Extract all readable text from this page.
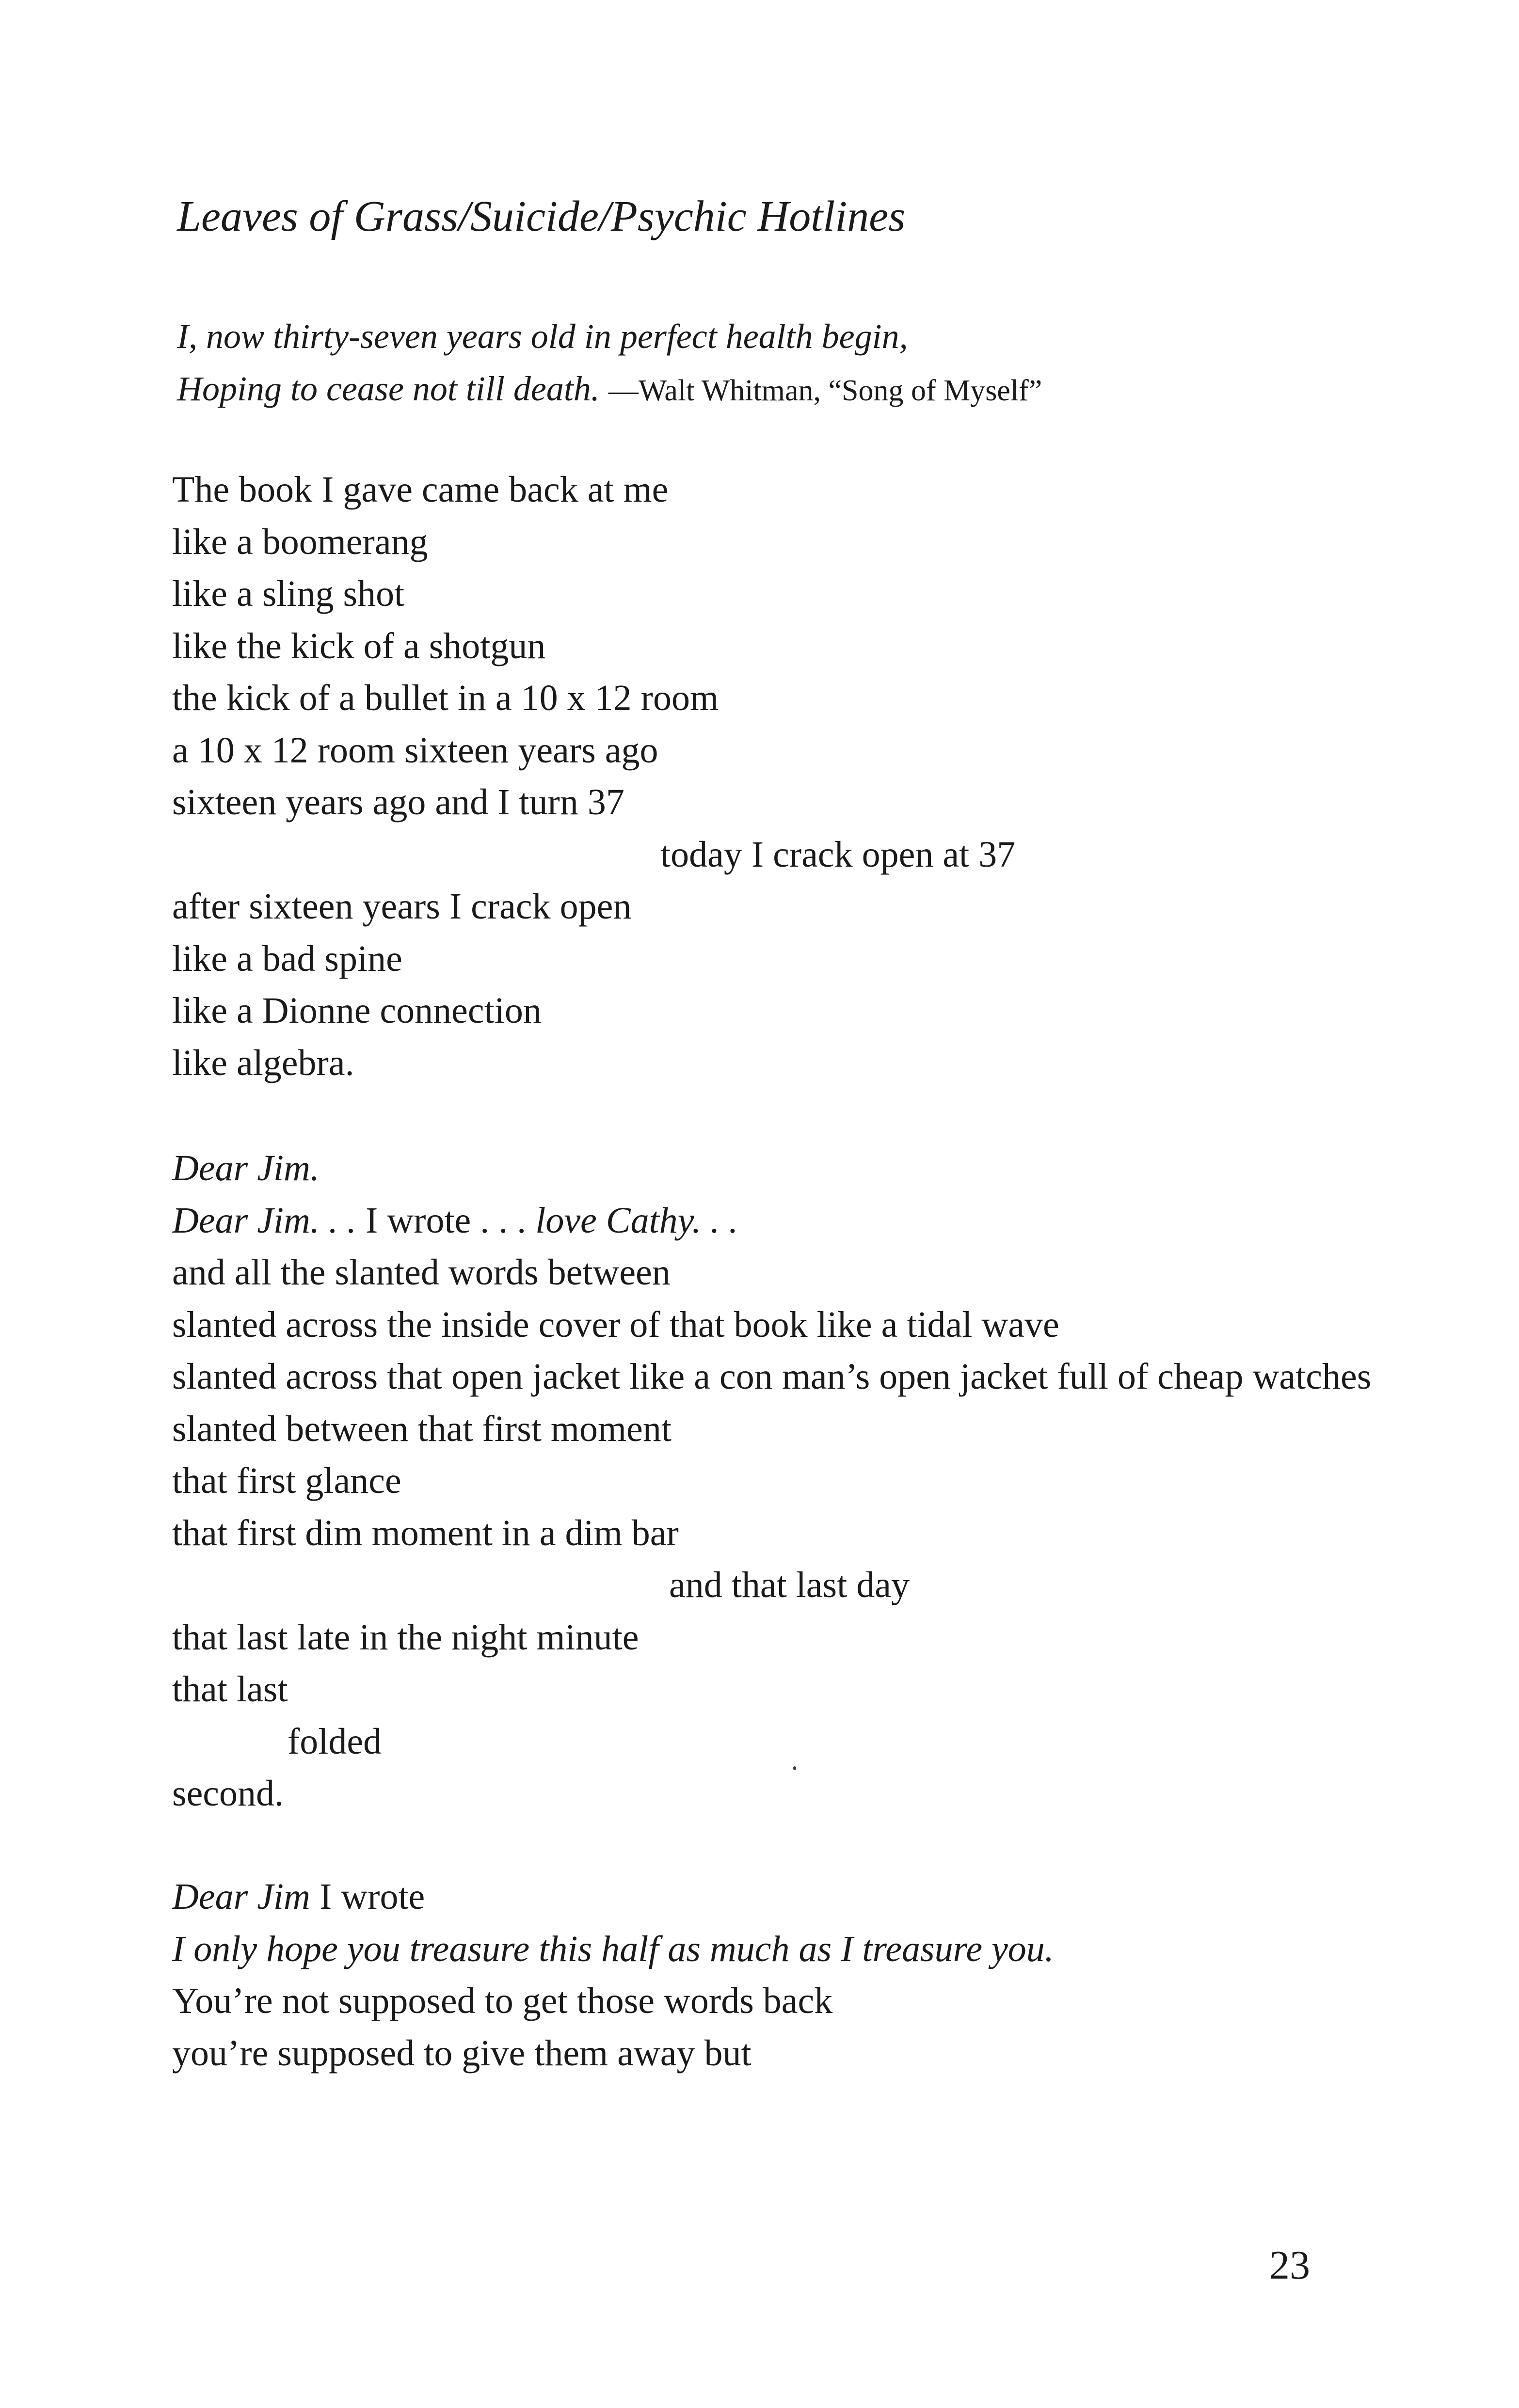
Leaves of Grass/Suicide/Psychic Hotlines
I, now thirty-seven years old in perfect health begin,
Hoping to cease not till death. —Walt Whitman, “Song of Myself”
The book I gave came back at me
like a boomerang
like a sling shot
like the kick of a shotgun
the kick of a bullet in a 10 x 12 room
a 10 x 12 room sixteen years ago
sixteen years ago and I turn 37
today I crack open at 37
after sixteen years I crack open
like a bad spine
like a Dionne connection
like algebra.
Dear Jim.
Dear Jim. . . I wrote . . . love Cathy. . .
and all the slanted words between
slanted across the inside cover of that book like a tidal wave
slanted across that open jacket like a con man’s open jacket full of cheap watches
slanted between that first moment
that first glance
that first dim moment in a dim bar
and that last day
that last late in the night minute
that last
folded
second.
Dear Jim I wrote
I only hope you treasure this half as much as I treasure you.
You’re not supposed to get those words back
you’re supposed to give them away but
23
